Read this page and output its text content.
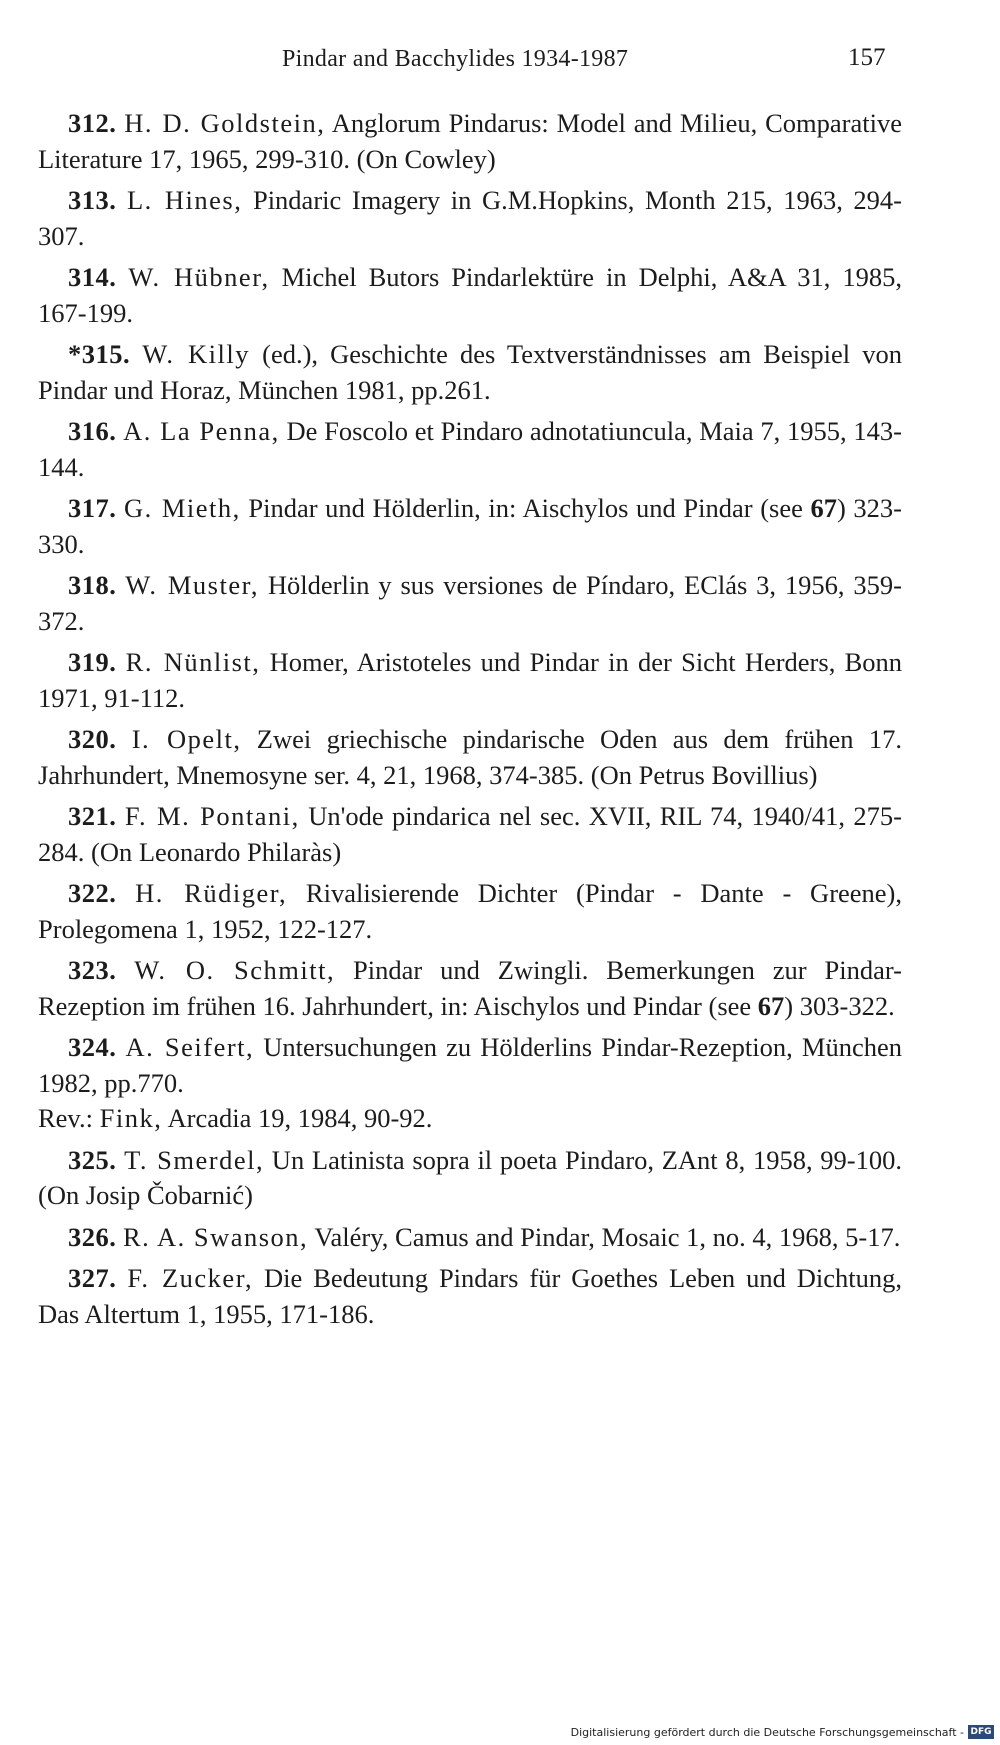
Pindar and Bacchylides 1934-1987	157

312. H. D. Goldstein, Anglorum Pindarus: Model and Milieu, Comparative Literature 17, 1965, 299-310. (On Cowley)

313. L. Hines, Pindaric Imagery in G.M.Hopkins, Month 215, 1963, 294-307.

314. W. Hübner, Michel Butors Pindarlektüre in Delphi, A&A 31, 1985, 167-199.

*315. W. Killy (ed.), Geschichte des Textverständnisses am Beispiel von Pindar und Horaz, München 1981, pp.261.

316. A. La Penna, De Foscolo et Pindaro adnotatiuncula, Maia 7, 1955, 143-144.

317. G. Mieth, Pindar und Hölderlin, in: Aischylos und Pindar (see 67) 323-330.

318. W. Muster, Hölderlin y sus versiones de Píndaro, EClás 3, 1956, 359-372.

319. R. Nünlist, Homer, Aristoteles und Pindar in der Sicht Herders, Bonn 1971, 91-112.

320. I. Opelt, Zwei griechische pindarische Oden aus dem frühen 17. Jahrhundert, Mnemosyne ser. 4, 21, 1968, 374-385. (On Petrus Bovillius)

321. F. M. Pontani, Un'ode pindarica nel sec. XVII, RIL 74, 1940/41, 275-284. (On Leonardo Philaràs)

322. H. Rüdiger, Rivalisierende Dichter (Pindar - Dante - Greene), Prolegomena 1, 1952, 122-127.

323. W. O. Schmitt, Pindar und Zwingli. Bemerkungen zur Pindar-Rezeption im frühen 16. Jahrhundert, in: Aischylos und Pindar (see 67) 303-322.

324. A. Seifert, Untersuchungen zu Hölderlins Pindar-Rezeption, München 1982, pp.770.
Rev.: Fink, Arcadia 19, 1984, 90-92.

325. T. Smerdel, Un Latinista sopra il poeta Pindaro, ZAnt 8, 1958, 99-100. (On Josip Čobarnić)

326. R. A. Swanson, Valéry, Camus and Pindar, Mosaic 1, no. 4, 1968, 5-17.

327. F. Zucker, Die Bedeutung Pindars für Goethes Leben und Dichtung, Das Altertum 1, 1955, 171-186.

Digitalisierung gefördert durch die Deutsche Forschungsgemeinschaft - DFG
